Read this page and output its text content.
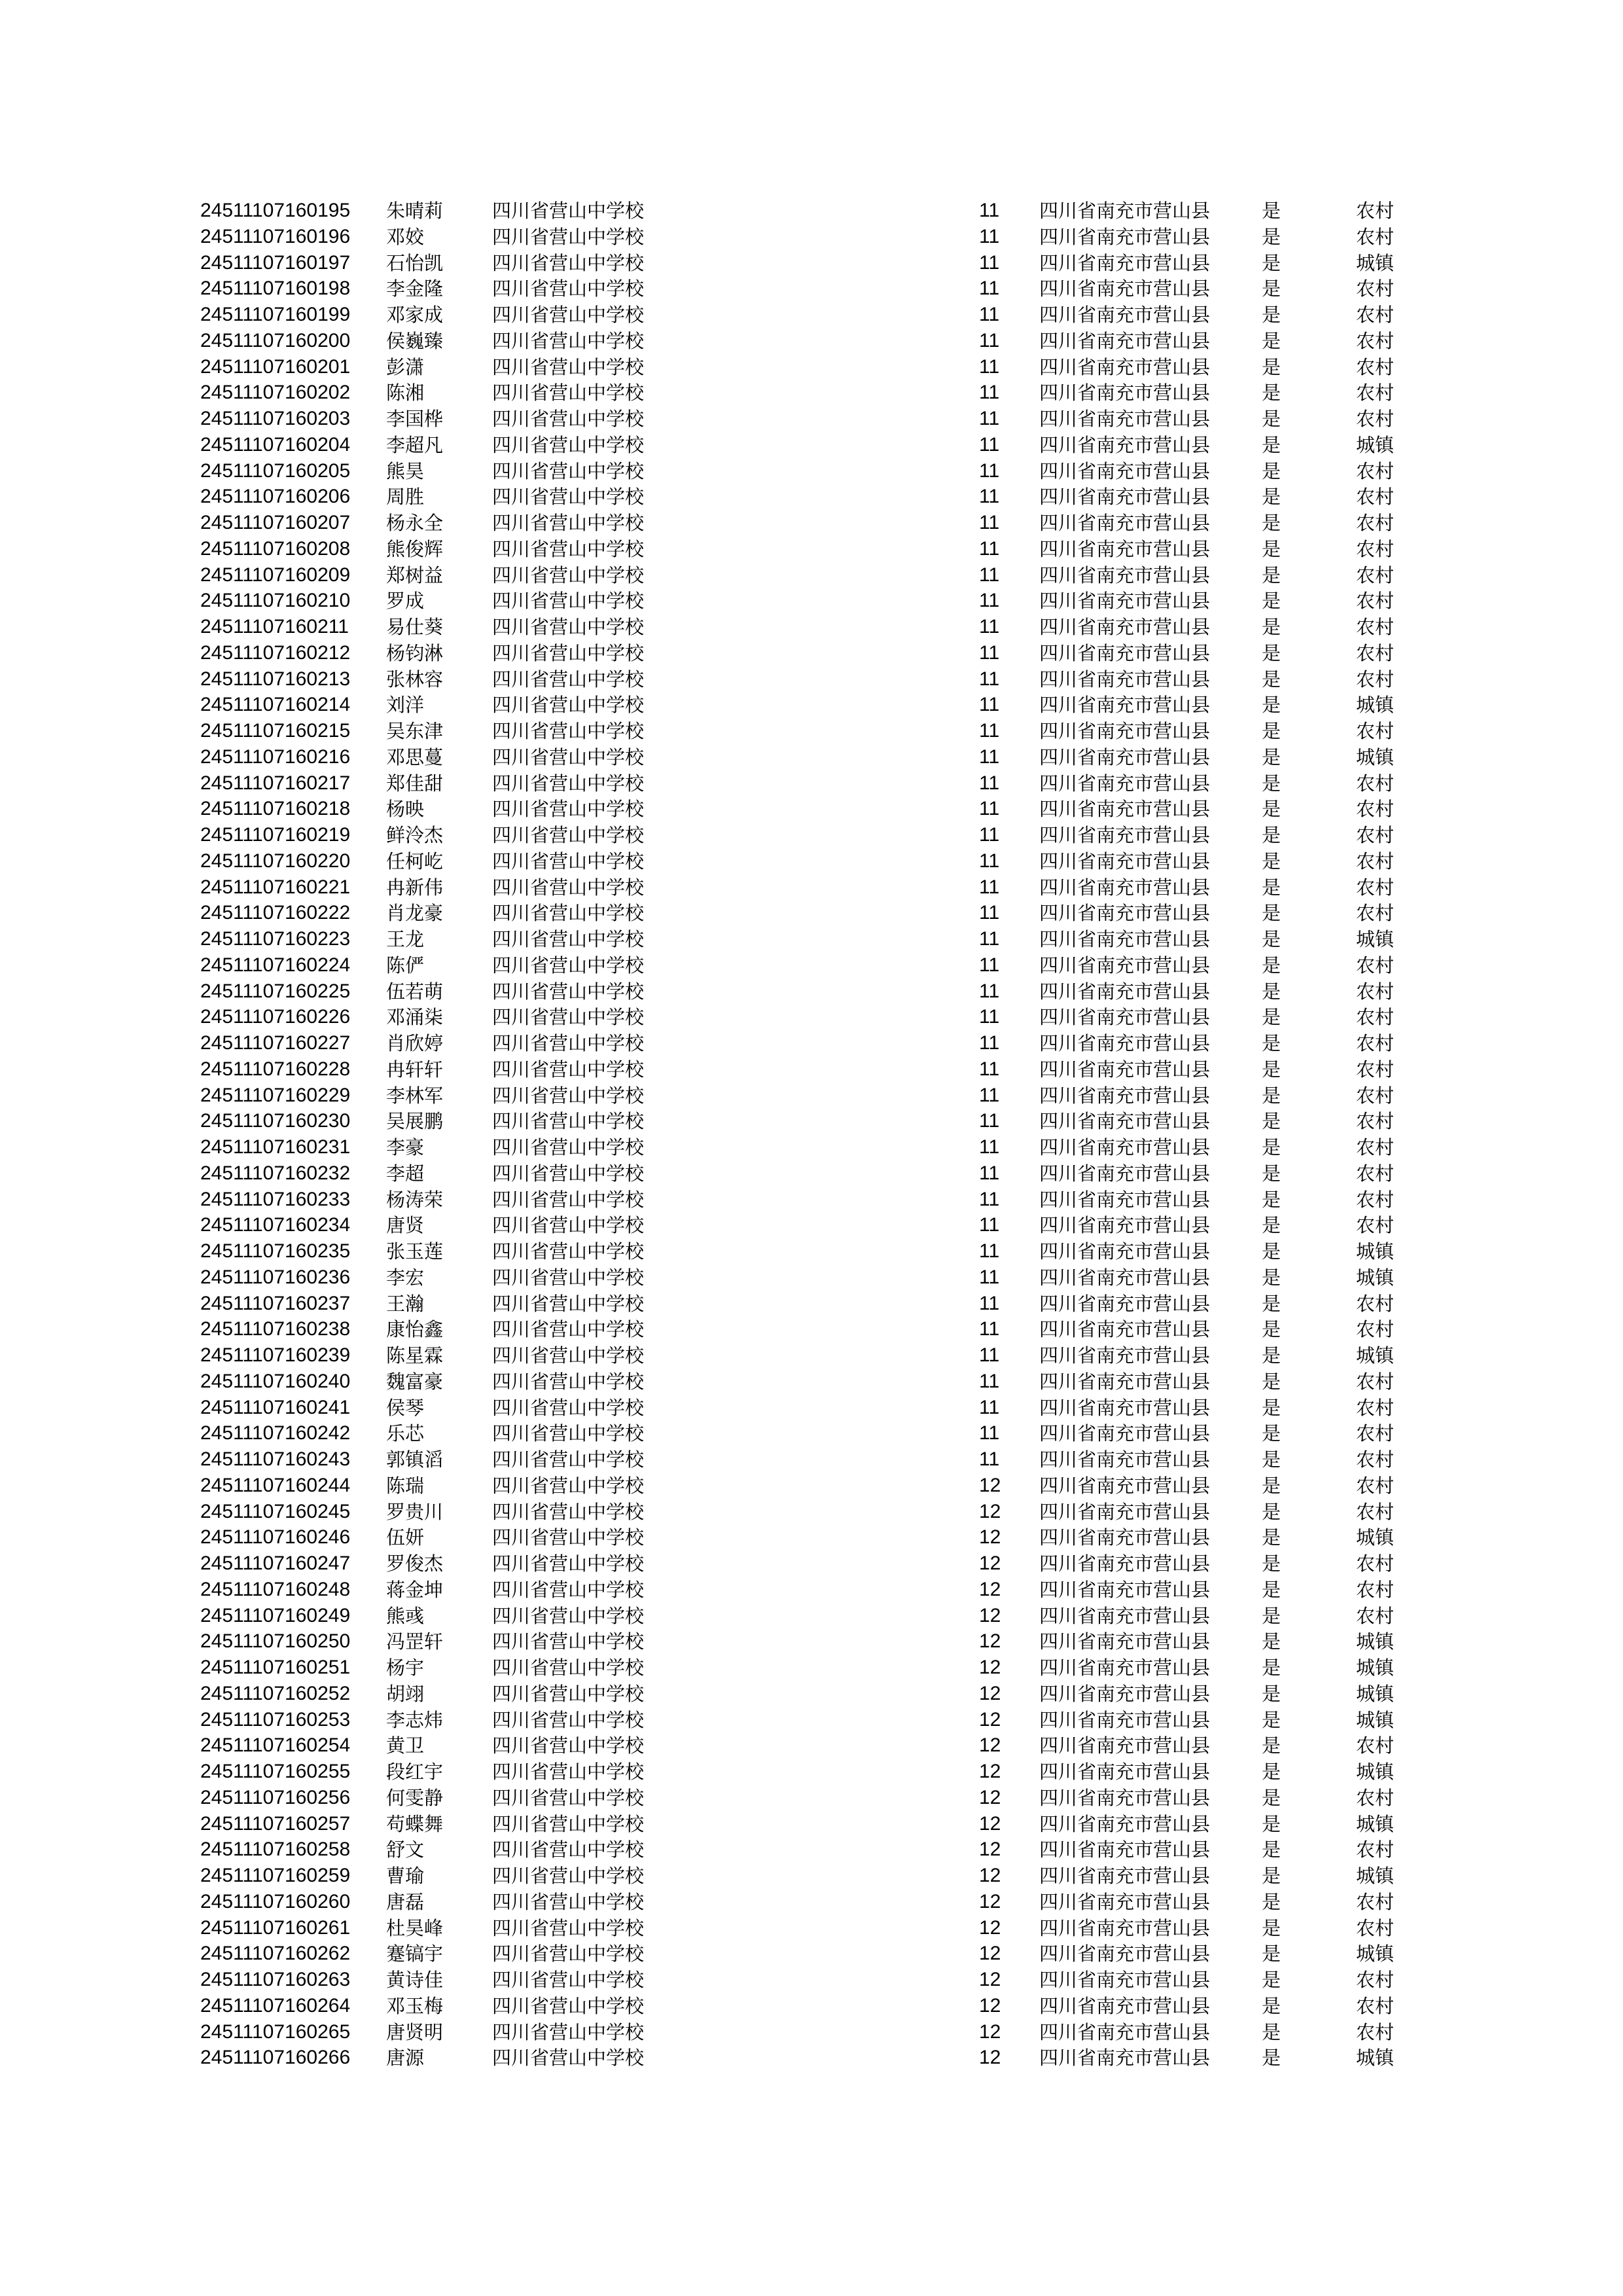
24511107160195 朱晴莉	四川省营山中学校	11 四川省南充市营山县	是	农村
24511107160196 邓姣	四川省营山中学校	11 四川省南充市营山县	是	农村
24511107160197 石怡凯	四川省营山中学校	11 四川省南充市营山县	是	城镇
24511107160198 李金隆	四川省营山中学校	11 四川省南充市营山县	是	农村
24511107160199 邓家成	四川省营山中学校	11 四川省南充市营山县	是	农村
24511107160200 侯巍臻	四川省营山中学校	11 四川省南充市营山县	是	农村
24511107160201 彭潇	四川省营山中学校	11 四川省南充市营山县	是	农村
24511107160202 陈湘	四川省营山中学校	11 四川省南充市营山县	是	农村
24511107160203 李国桦	四川省营山中学校	11 四川省南充市营山县	是	农村
24511107160204 李超凡	四川省营山中学校	11 四川省南充市营山县	是	城镇
24511107160205 熊昊	四川省营山中学校	11 四川省南充市营山县	是	农村
24511107160206 周胜	四川省营山中学校	11 四川省南充市营山县	是	农村
24511107160207 杨永全	四川省营山中学校	11 四川省南充市营山县	是	农村
24511107160208 熊俊辉	四川省营山中学校	11 四川省南充市营山县	是	农村
24511107160209 郑树益	四川省营山中学校	11 四川省南充市营山县	是	农村
24511107160210 罗成	四川省营山中学校	11 四川省南充市营山县	是	农村
24511107160211 易仕葵	四川省营山中学校	11 四川省南充市营山县	是	农村
24511107160212 杨钧淋	四川省营山中学校	11 四川省南充市营山县	是	农村
24511107160213 张林容	四川省营山中学校	11 四川省南充市营山县	是	农村
24511107160214 刘洋	四川省营山中学校	11 四川省南充市营山县	是	城镇
24511107160215 吴东津	四川省营山中学校	11 四川省南充市营山县	是	农村
24511107160216 邓思蔓	四川省营山中学校	11 四川省南充市营山县	是	城镇
24511107160217 郑佳甜	四川省营山中学校	11 四川省南充市营山县	是	农村
24511107160218 杨映	四川省营山中学校	11 四川省南充市营山县	是	农村
24511107160219 鲜泠杰	四川省营山中学校	11 四川省南充市营山县	是	农村
24511107160220 任柯屹	四川省营山中学校	11 四川省南充市营山县	是	农村
24511107160221 冉新伟	四川省营山中学校	11 四川省南充市营山县	是	农村
24511107160222 肖龙豪	四川省营山中学校	11 四川省南充市营山县	是	农村
24511107160223 王龙	四川省营山中学校	11 四川省南充市营山县	是	城镇
24511107160224 陈俨	四川省营山中学校	11 四川省南充市营山县	是	农村
24511107160225 伍若萌	四川省营山中学校	11 四川省南充市营山县	是	农村
24511107160226 邓涌柒	四川省营山中学校	11 四川省南充市营山县	是	农村
24511107160227 肖欣婷	四川省营山中学校	11 四川省南充市营山县	是	农村
24511107160228 冉轩轩	四川省营山中学校	11 四川省南充市营山县	是	农村
24511107160229 李林军	四川省营山中学校	11 四川省南充市营山县	是	农村
24511107160230 吴展鹏	四川省营山中学校	11 四川省南充市营山县	是	农村
24511107160231 李豪	四川省营山中学校	11 四川省南充市营山县	是	农村
24511107160232 李超	四川省营山中学校	11 四川省南充市营山县	是	农村
24511107160233 杨涛荣	四川省营山中学校	11 四川省南充市营山县	是	农村
24511107160234 唐贤	四川省营山中学校	11 四川省南充市营山县	是	农村
24511107160235 张玉莲	四川省营山中学校	11 四川省南充市营山县	是	城镇
24511107160236 李宏	四川省营山中学校	11 四川省南充市营山县	是	城镇
24511107160237 王瀚	四川省营山中学校	11 四川省南充市营山县	是	农村
24511107160238 康怡鑫	四川省营山中学校	11 四川省南充市营山县	是	农村
24511107160239 陈星霖	四川省营山中学校	11 四川省南充市营山县	是	城镇
24511107160240 魏富豪	四川省营山中学校	11 四川省南充市营山县	是	农村
24511107160241 侯琴	四川省营山中学校	11 四川省南充市营山县	是	农村
24511107160242 乐芯	四川省营山中学校	11 四川省南充市营山县	是	农村
24511107160243 郭镇滔	四川省营山中学校	11 四川省南充市营山县	是	农村
24511107160244 陈瑞	四川省营山中学校	12 四川省南充市营山县	是	农村
24511107160245 罗贵川	四川省营山中学校	12 四川省南充市营山县	是	农村
24511107160246 伍妍	四川省营山中学校	12 四川省南充市营山县	是	城镇
24511107160247 罗俊杰	四川省营山中学校	12 四川省南充市营山县	是	农村
24511107160248 蒋金坤	四川省营山中学校	12 四川省南充市营山县	是	农村
24511107160249 熊彧	四川省营山中学校	12 四川省南充市营山县	是	农村
24511107160250 冯罡轩	四川省营山中学校	12 四川省南充市营山县	是	城镇
24511107160251 杨宇	四川省营山中学校	12 四川省南充市营山县	是	城镇
24511107160252 胡翊	四川省营山中学校	12 四川省南充市营山县	是	城镇
24511107160253 李志炜	四川省营山中学校	12 四川省南充市营山县	是	城镇
24511107160254 黄卫	四川省营山中学校	12 四川省南充市营山县	是	农村
24511107160255 段红宇	四川省营山中学校	12 四川省南充市营山县	是	城镇
24511107160256 何雯静	四川省营山中学校	12 四川省南充市营山县	是	农村
24511107160257 苟蝶舞	四川省营山中学校	12 四川省南充市营山县	是	城镇
24511107160258 舒文	四川省营山中学校	12 四川省南充市营山县	是	农村
24511107160259 曹瑜	四川省营山中学校	12 四川省南充市营山县	是	城镇
24511107160260 唐磊	四川省营山中学校	12 四川省南充市营山县	是	农村
24511107160261 杜昊峰	四川省营山中学校	12 四川省南充市营山县	是	农村
24511107160262 蹇镐宇	四川省营山中学校	12 四川省南充市营山县	是	城镇
24511107160263 黄诗佳	四川省营山中学校	12 四川省南充市营山县	是	农村
24511107160264 邓玉梅	四川省营山中学校	12 四川省南充市营山县	是	农村
24511107160265 唐贤明	四川省营山中学校	12 四川省南充市营山县	是	农村
24511107160266 唐源	四川省营山中学校	12 四川省南充市营山县	是	城镇
